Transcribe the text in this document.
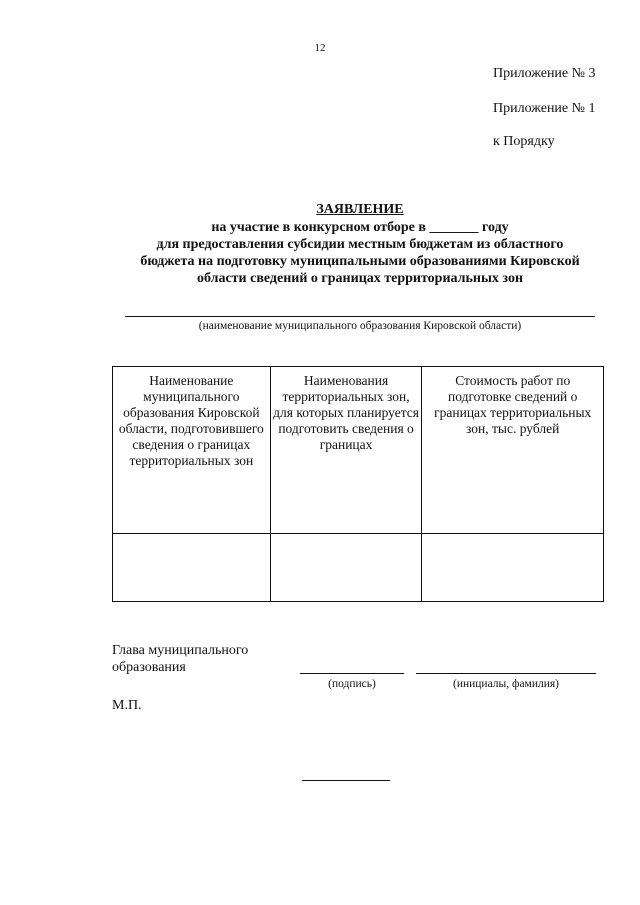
12
Приложение № 3
Приложение № 1
к Порядку
ЗАЯВЛЕНИЕ
на участие в конкурсном отборе в _______ году
для предоставления субсидии местным бюджетам из областного
бюджета на подготовку муниципальными образованиями Кировской
области сведений о границах территориальных зон
(наименование муниципального образования Кировской области)
Наименование муниципального образования Кировской области, подготовившего сведения о границах территориальных зон	Наименования территориальных зон, для которых планируется подготовить сведения о границах	Стоимость работ по подготовке сведений о границах территориальных зон, тыс. рублей

Глава муниципального образования
(подпись)	(инициалы, фамилия)
М.П.
